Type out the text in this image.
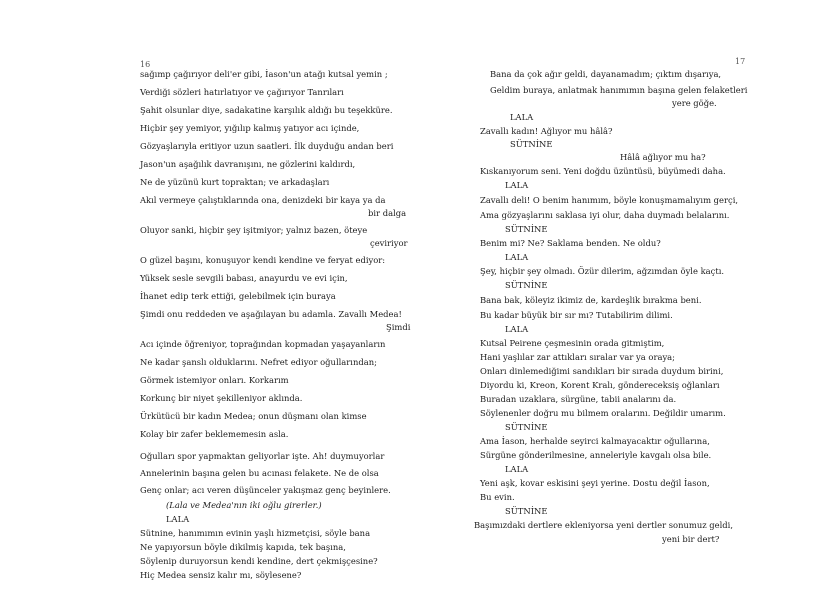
16	17
sağımp çağırıyor deli'er gibi, İason'un atağı kutsal yemin ;
Verdiği sözleri hatırlatıyor ve çağırıyor Tanrıları
Şahit olsunlar diye, sadakatine karşılık aldığı bu teşekküre.
Hiçbir şey yemiyor, yığılıp kalmış yatıyor acı içinde,
Gözyaşlarıyla eritiyor uzun saatleri. İlk duyduğu andan beri
Jason'un aşağılık davranışını, ne gözlerini kaldırdı,
Ne de yüzünü kurt topraktan; ve arkadaşları
Akıl vermeye çalıştıklarında ona, denizdeki bir kaya ya da
bir dalga
Oluyor sanki, hiçbir şey işitmiyor; yalnız bazen, öteye
çeviriyor
O güzel başını, konuşuyor kendi kendine ve feryat ediyor:
Yüksek sesle sevgili babası, anayurdu ve evi için,
İhanet edip terk ettiği, gelebilmek için buraya
Şimdi onu reddeden ve aşağılayan bu adamla. Zavallı Medea!
Şimdi
Acı içinde öğreniyor, toprağından kopmadan yaşayanların
Ne kadar şanslı olduklarını. Nefret ediyor oğullarından;
Görmek istemiyor onları. Korkarım
Korkunç bir niyet şekilleniyor aklında.
Ürkütücü bir kadın Medea; onun düşmanı olan kimse
Kolay bir zafer beklememesin asla.
Oğulları spor yapmaktan geliyorlar işte. Ah! duymuyorlar
Annelerinin başına gelen bu acınası felakete. Ne de olsa
Genç onlar; acı veren düşünceler yakışmaz genç beyinlere.
(Lala ve Medea'nın iki oğlu girerler.)
LALA
Sütnine, hanımımın evinin yaşlı hizmetçisi, söyle bana
Ne yapıyorsun böyle dikilmiş kapıda, tek başına,
Söylenip duruyorsun kendi kendine, dert çekmişçesine?
Hiç Medea sensiz kalır mı, söylesene?
Bana da çok ağır geldi, dayanamadım; çıktım dışarıya,
Geldim buraya, anlatmak hanımımın başına gelen felaketleri
yere göğe.
LALA
Zavallı kadın! Ağlıyor mu hâlâ?
SÜTNİNE
Hâlâ ağlıyor mu ha?
Kıskanıyorum seni. Yeni doğdu üzüntüsü, büyümedi daha.
LALA
Zavallı deli! O benim hanımım, böyle konuşmamalıyım gerçi,
Ama gözyaşlarını saklasa iyi olur, daha duymadı belalarını.
SÜTNİNE
Benim mi? Ne? Saklama benden. Ne oldu?
LALA
Şey, hiçbir şey olmadı. Özür dilerim, ağzımdan öyle kaçtı.
SÜTNİNE
Bana bak, köleyiz ikimiz de, kardeşlik bırakma beni.
Bu kadar büyük bir sır mı? Tutabilirim dilimi.
LALA
Kutsal Peirene çeşmesinin orada gitmiştim,
Hani yaşlılar zar attıkları sıralar var ya oraya;
Onları dinlemediğimi sandıkları bir sırada duydum birini,
Diyordu ki, Kreon, Korent Kralı, göndereceksiş oğlanları
Buradan uzaklara, sürgüne, tabii analarını da.
Söylenenler doğru mu bilmem oralarını. Değildir umarım.
SÜTNİNE
Ama İason, herhalde seyirci kalmayacaktır oğullarına,
Sürgüne gönderilmesine, anneleriyle kavgalı olsa bile.
LALA
Yeni aşk, kovar eskisini şeyi yerine. Dostu değil İason,
Bu evin.
SÜTNİNE
Başımızdaki dertlere ekleniyorsa yeni dertler sonumuz geldi,
yeni bir dert?
